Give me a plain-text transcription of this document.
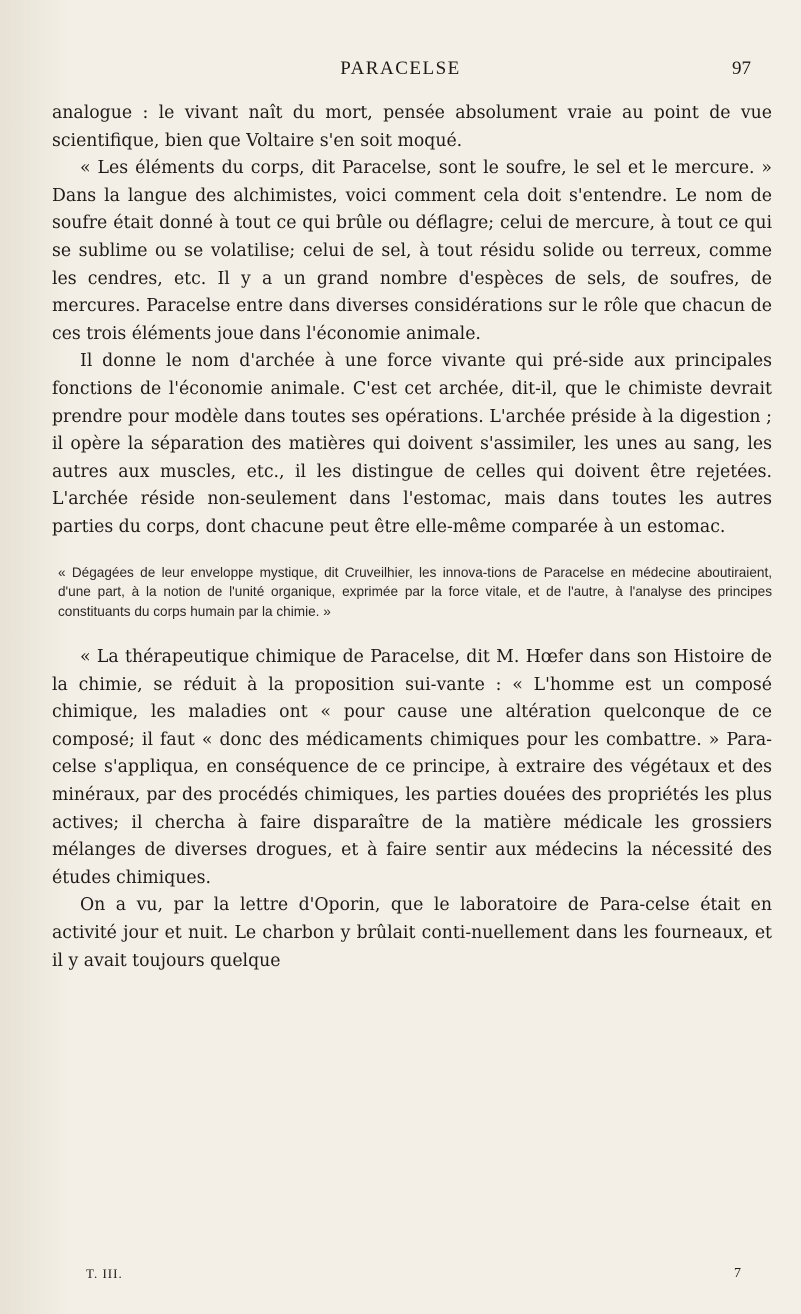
PARACELSE	97

analogue : le vivant naît du mort, pensée absolument vraie au point de vue scientifique, bien que Voltaire s'en soit moqué.

« Les éléments du corps, dit Paracelse, sont le soufre, le sel et le mercure. » Dans la langue des alchimistes, voici comment cela doit s'entendre. Le nom de soufre était donné à tout ce qui brûle ou déflagre; celui de mercure, à tout ce qui se sublime ou se volatilise; celui de sel, à tout résidu solide ou terreux, comme les cendres, etc. Il y a un grand nombre d'espèces de sels, de soufres, de mercures. Paracelse entre dans diverses considérations sur le rôle que chacun de ces trois éléments joue dans l'économie animale.

Il donne le nom d'archée à une force vivante qui pré-side aux principales fonctions de l'économie animale. C'est cet archée, dit-il, que le chimiste devrait prendre pour modèle dans toutes ses opérations. L'archée préside à la digestion ; il opère la séparation des matières qui doivent s'assimiler, les unes au sang, les autres aux muscles, etc., il les distingue de celles qui doivent être rejetées. L'archée réside non-seulement dans l'estomac, mais dans toutes les autres parties du corps, dont chacune peut être elle-même comparée à un estomac.

« Dégagées de leur enveloppe mystique, dit Cruveilhier, les innova-tions de Paracelse en médecine aboutiraient, d'une part, à la notion de l'unité organique, exprimée par la force vitale, et de l'autre, à l'analyse des principes constituants du corps humain par la chimie. »

« La thérapeutique chimique de Paracelse, dit M. Hœfer dans son Histoire de la chimie, se réduit à la proposition sui-vante : « L'homme est un composé chimique, les maladies ont « pour cause une altération quelconque de ce composé; il faut « donc des médicaments chimiques pour les combattre. » Para-celse s'appliqua, en conséquence de ce principe, à extraire des végétaux et des minéraux, par des procédés chimiques, les parties douées des propriétés les plus actives; il chercha à faire disparaître de la matière médicale les grossiers mélanges de diverses drogues, et à faire sentir aux médecins la nécessité des études chimiques.

On a vu, par la lettre d'Oporin, que le laboratoire de Para-celse était en activité jour et nuit. Le charbon y brûlait conti-nuellement dans les fourneaux, et il y avait toujours quelque

T. III.	7
